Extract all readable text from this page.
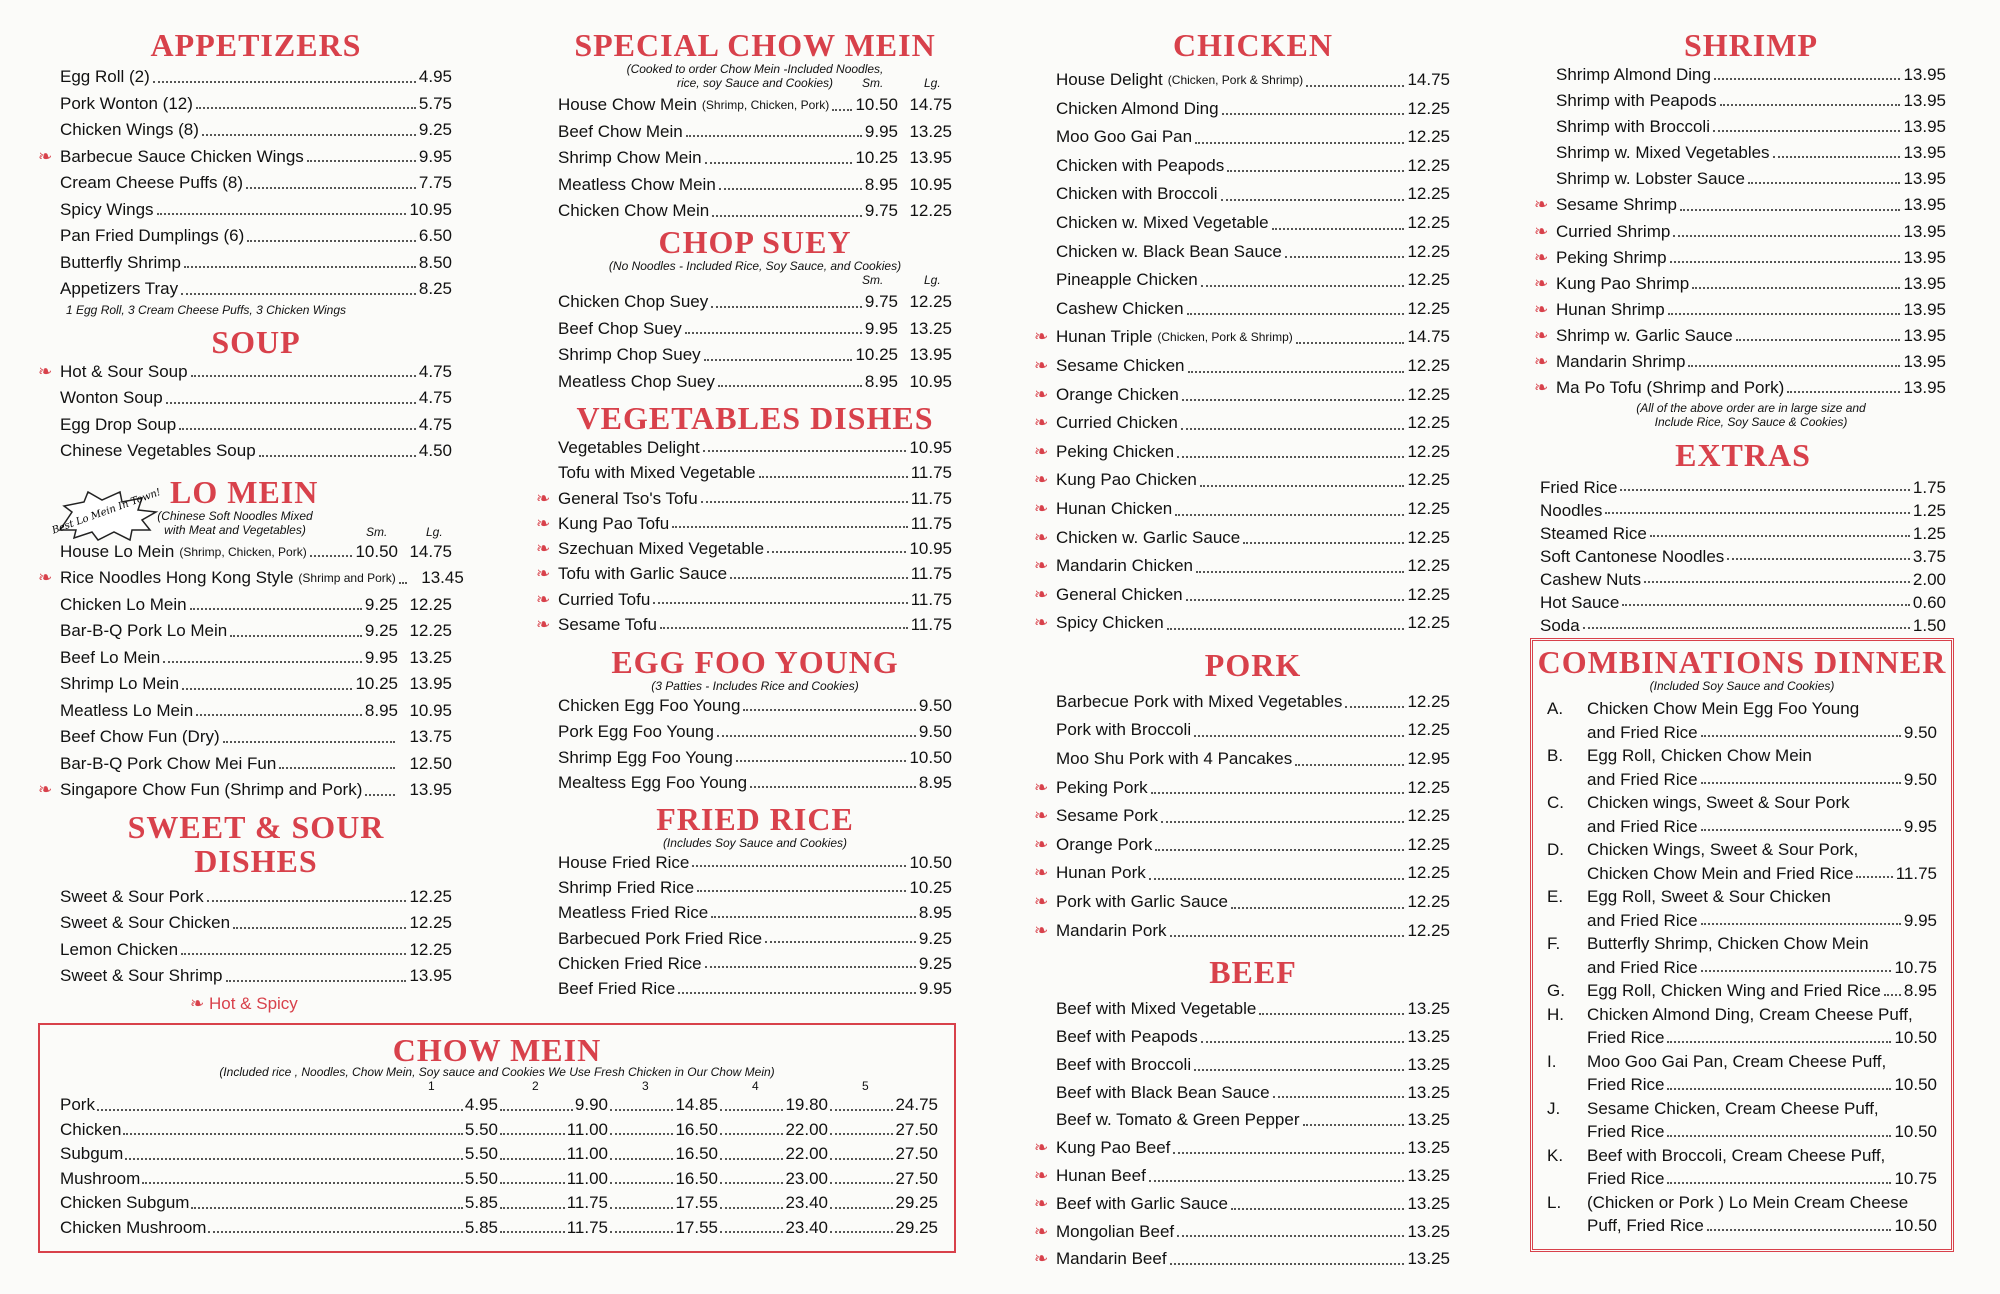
APPETIZERS
Egg Roll (2)	4.95
Pork Wonton (12)	5.75
Chicken Wings (8)	9.25
❧ Barbecue Sauce Chicken Wings	9.95
Cream Cheese Puffs (8)	7.75
Spicy Wings	10.95
Pan Fried Dumplings (6)	6.50
Butterfly Shrimp	8.50
Appetizers Tray	8.25
1 Egg Roll, 3 Cream Cheese Puffs, 3 Chicken Wings
SOUP
❧ Hot & Sour Soup	4.75
Wonton Soup	4.75
Egg Drop Soup	4.75
Chinese Vegetables Soup	4.50
LO MEIN
(Chinese Soft Noodles Mixed with Meat and Vegetables)	Sm.	Lg.
House Lo Mein (Shrimp, Chicken, Pork)	10.50 14.75
❧ Rice Noodles Hong Kong Style (Shrimp and Pork)	13.45
Chicken Lo Mein	9.25 12.25
Bar-B-Q Pork Lo Mein	9.25 12.25
Beef Lo Mein	9.95 13.25
Shrimp Lo Mein	10.25 13.95
Meatless Lo Mein	8.95 10.95
Beef Chow Fun (Dry)	13.75
Bar-B-Q Pork Chow Mei Fun	12.50
❧ Singapore Chow Fun (Shrimp and Pork)	13.95
SWEET & SOUR
DISHES
Sweet & Sour Pork	12.25
Sweet & Sour Chicken	12.25
Lemon Chicken	12.25
Sweet & Sour Shrimp	13.95
Best Lo Mein In Town!
❧ Hot & Spicy
SPECIAL CHOW MEIN
(Cooked to order Chow Mein -Included Noodles,
rice, soy Sauce and Cookies)	Sm.	Lg.
House Chow Mein (Shrimp, Chicken, Pork) 10.50 14.75
Beef Chow Mein	9.95 13.25
Shrimp Chow Mein	10.25 13.95
Meatless Chow Mein	8.95 10.95
Chicken Chow Mein	9.75 12.25
CHOP SUEY
(No Noodles - Included Rice, Soy Sauce, and Cookies)
Sm.	Lg.
Chicken Chop Suey	9.75 12.25
Beef Chop Suey	9.95 13.25
Shrimp Chop Suey	10.25 13.95
Meatless Chop Suey	8.95 10.95
VEGETABLES DISHES
Vegetables Delight	10.95
Tofu with Mixed Vegetable	11.75
❧ General Tso's Tofu	11.75
❧ Kung Pao Tofu	11.75
❧ Szechuan Mixed Vegetable	10.95
❧ Tofu with Garlic Sauce	11.75
❧ Curried Tofu	11.75
❧ Sesame Tofu	11.75
EGG FOO YOUNG
(3 Patties - Includes Rice and Cookies)
Chicken Egg Foo Young	9.50
Pork Egg Foo Young	9.50
Shrimp Egg Foo Young	10.50
Mealtess Egg Foo Young	8.95
FRIED RICE
(Includes Soy Sauce and Cookies)
House Fried Rice	10.50
Shrimp Fried Rice	10.25
Meatless Fried Rice	8.95
Barbecued Pork Fried Rice	9.25
Chicken Fried Rice	9.25
Beef Fried Rice	9.95
CHOW MEIN
(Included rice , Noodles, Chow Mein, Soy sauce and Cookies We Use Fresh Chicken in Our Chow Mein)
1	2	3	4	5
Pork	4.95	9.90	14.85	19.80	24.75
Chicken	5.50	11.00	16.50	22.00	27.50
Subgum	5.50	11.00	16.50	22.00	27.50
Mushroom	5.50	11.00	16.50	23.00	27.50
Chicken Subgum	5.85	11.75	17.55	23.40	29.25
Chicken Mushroom	5.85	11.75	17.55	23.40	29.25
CHICKEN
House Delight (Chicken, Pork & Shrimp)	14.75
Chicken Almond Ding	12.25
Moo Goo Gai Pan	12.25
Chicken with Peapods	12.25
Chicken with Broccoli	12.25
Chicken w. Mixed Vegetable	12.25
Chicken w. Black Bean Sauce	12.25
Pineapple Chicken	12.25
Cashew Chicken	12.25
❧ Hunan Triple (Chicken, Pork & Shrimp)	14.75
❧ Sesame Chicken	12.25
❧ Orange Chicken	12.25
❧ Curried Chicken	12.25
❧ Peking Chicken	12.25
❧ Kung Pao Chicken	12.25
❧ Hunan Chicken	12.25
❧ Chicken w. Garlic Sauce	12.25
❧ Mandarin Chicken	12.25
❧ General Chicken	12.25
❧ Spicy Chicken	12.25
PORK
Barbecue Pork with Mixed Vegetables	12.25
Pork with Broccoli	12.25
Moo Shu Pork with 4 Pancakes	12.95
❧ Peking Pork	12.25
❧ Sesame Pork	12.25
❧ Orange Pork	12.25
❧ Hunan Pork	12.25
❧ Pork with Garlic Sauce	12.25
❧ Mandarin Pork	12.25
BEEF
Beef with Mixed Vegetable	13.25
Beef with Peapods	13.25
Beef with Broccoli	13.25
Beef with Black Bean Sauce	13.25
Beef w. Tomato & Green Pepper	13.25
❧ Kung Pao Beef	13.25
❧ Hunan Beef	13.25
❧ Beef with Garlic Sauce	13.25
❧ Mongolian Beef	13.25
❧ Mandarin Beef	13.25
SHRIMP
Shrimp Almond Ding	13.95
Shrimp with Peapods	13.95
Shrimp with Broccoli	13.95
Shrimp w. Mixed Vegetables	13.95
Shrimp w. Lobster Sauce	13.95
❧ Sesame Shrimp	13.95
❧ Curried Shrimp	13.95
❧ Peking Shrimp	13.95
❧ Kung Pao Shrimp	13.95
❧ Hunan Shrimp	13.95
❧ Shrimp w. Garlic Sauce	13.95
❧ Mandarin Shrimp	13.95
❧ Ma Po Tofu (Shrimp and Pork)	13.95
(All of the above order are in large size and
Include Rice, Soy Sauce & Cookies)
EXTRAS
Fried Rice	1.75
Noodles	1.25
Steamed Rice	1.25
Soft Cantonese Noodles	3.75
Cashew Nuts	2.00
Hot Sauce	0.60
Soda	1.50
COMBINATIONS DINNER
(Included Soy Sauce and Cookies)
A.	Chicken Chow Mein Egg Foo Young
and Fried Rice	9.50
B.	Egg Roll, Chicken Chow Mein
and Fried Rice	9.50
C.	Chicken wings, Sweet & Sour Pork
and Fried Rice	9.95
D.	Chicken Wings, Sweet & Sour Pork,
Chicken Chow Mein and Fried Rice 11.75
E.	Egg Roll, Sweet & Sour Chicken
and Fried Rice	9.95
F.	Butterfly Shrimp, Chicken Chow Mein
and Fried Rice	10.75
G.	Egg Roll, Chicken Wing and Fried Rice 8.95
H.	Chicken Almond Ding, Cream Cheese Puff,
Fried Rice	10.50
I.	Moo Goo Gai Pan, Cream Cheese Puff,
Fried Rice	10.50
J.	Sesame Chicken, Cream Cheese Puff,
Fried Rice	10.50
K.	Beef with Broccoli, Cream Cheese Puff,
Fried Rice	10.75
L.	(Chicken or Pork ) Lo Mein Cream Cheese
Puff, Fried Rice	10.50
